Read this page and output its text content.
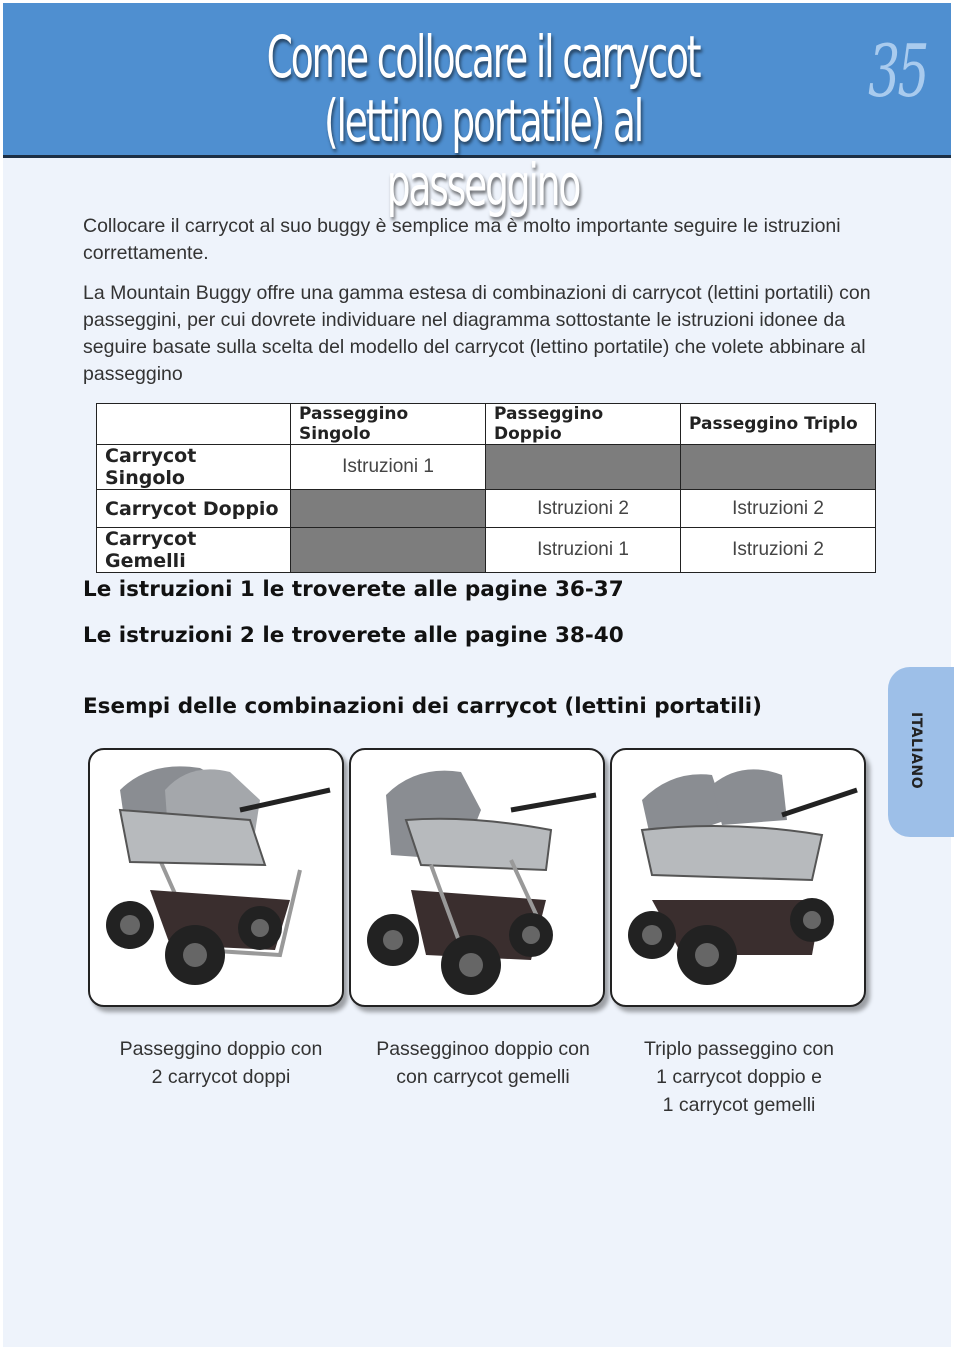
Come collocare il carrycot
(lettino portatile) al passeggino
35

Collocare il carrycot al suo buggy è semplice ma è molto importante seguire le istruzioni correttamente.

La Mountain Buggy offre una gamma estesa di combinazioni di carrycot (lettini portatili) con passeggini, per cui dovrete individuare nel diagramma sottostante le istruzioni idonee da seguire basate sulla scelta del modello del carrycot (lettino portatile) che volete abbinare al passeggino

	Passeggino Singolo	Passeggino Doppio	Passeggino Triplo
Carrycot Singolo	Istruzioni 1		
Carrycot Doppio		Istruzioni 2	Istruzioni 2
Carrycot Gemelli		Istruzioni 1	Istruzioni 2

Le istruzioni 1 le troverete alle pagine 36-37

Le istruzioni 2 le troverete alle pagine 38-40

Esempi delle combinazioni dei carrycot (lettini portatili)

Passeggino doppio con
2 carrycot doppi
Passegginoo doppio con
con carrycot gemelli
Triplo passeggino con
1 carrycot doppio e
1 carrycot gemelli
ITALIANO
